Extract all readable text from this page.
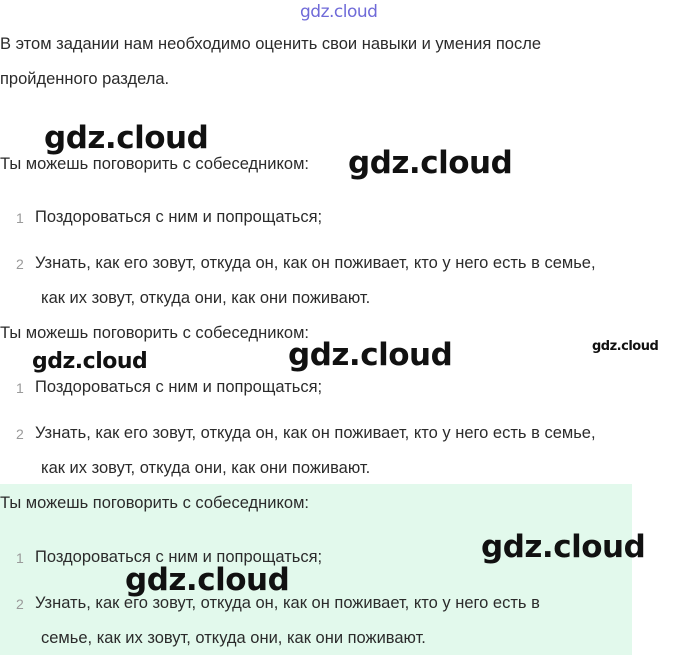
gdz.cloud
В этом задании нам необходимо оценить свои навыки и умения после
пройденного раздела.
Ты можешь поговорить с собеседником:
1 Поздороваться с ним и попрощаться;
2 Узнать, как его зовут, откуда он, как он поживает, кто у него есть в семье,
как их зовут, откуда они, как они поживают.
Ты можешь поговорить с собеседником:
1 Поздороваться с ним и попрощаться;
2 Узнать, как его зовут, откуда он, как он поживает, кто у него есть в семье,
как их зовут, откуда они, как они поживают.
Ты можешь поговорить с собеседником:
1 Поздороваться с ним и попрощаться;
2 Узнать, как его зовут, откуда он, как он поживает, кто у него есть в
семье, как их зовут, откуда они, как они поживают.
gdz.cloud
gdz.cloud
gdz.cloud	gdz.cloud	gdz.cloud
gdz.cloud
gdz.cloud
